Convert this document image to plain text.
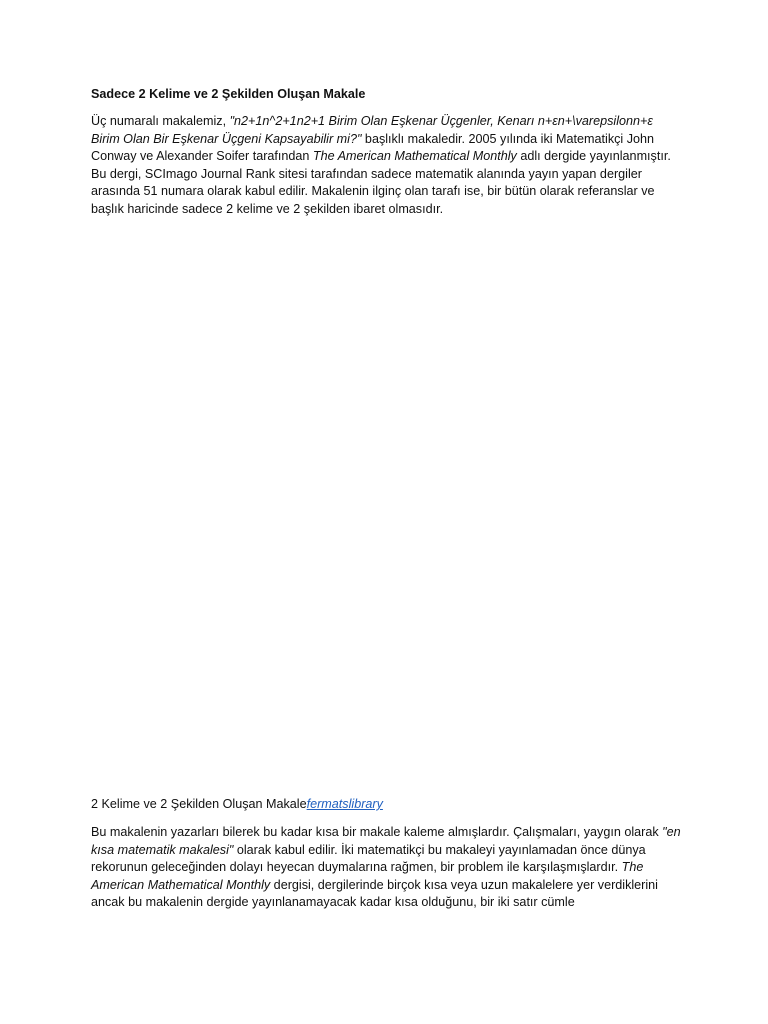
Sadece 2 Kelime ve 2 Şekilden Oluşan Makale

Üç numaralı makalemiz, "n2+1n^2+1n2+1 Birim Olan Eşkenar Üçgenler, Kenarı n+εn+\varepsilonn+ε Birim Olan Bir Eşkenar Üçgeni Kapsayabilir mi?" başlıklı makaledir. 2005 yılında iki Matematikçi John Conway ve Alexander Soifer tarafından The American Mathematical Monthly adlı dergide yayınlanmıştır. Bu dergi, SCImago Journal Rank sitesi tarafından sadece matematik alanında yayın yapan dergiler arasında 51 numara olarak kabul edilir. Makalenin ilginç olan tarafı ise, bir bütün olarak referanslar ve başlık haricinde sadece 2 kelime ve 2 şekilden ibaret olmasıdır.

2 Kelime ve 2 Şekilden Oluşan Makalefermatslibrary

Bu makalenin yazarları bilerek bu kadar kısa bir makale kaleme almışlardır. Çalışmaları, yaygın olarak "en kısa matematik makalesi" olarak kabul edilir. İki matematikçi bu makaleyi yayınlamadan önce dünya rekorunun geleceğinden dolayı heyecan duymalarına rağmen, bir problem ile karşılaşmışlardır. The American Mathematical Monthly dergisi, dergilerinde birçok kısa veya uzun makalelere yer verdiklerini ancak bu makalenin dergide yayınlanamayacak kadar kısa olduğunu, bir iki satır cümle
